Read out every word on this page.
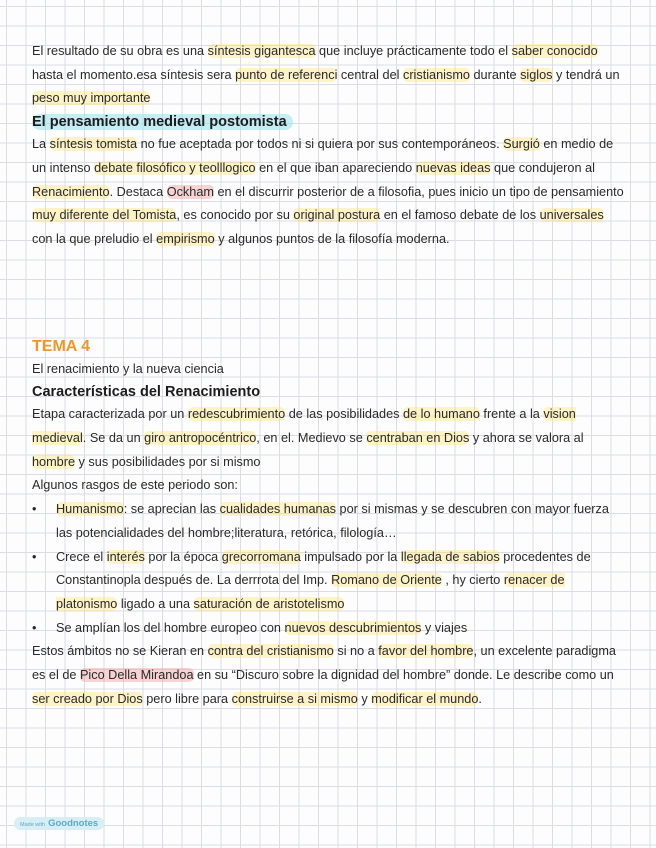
El resultado de su obra es una síntesis gigantesca que incluye prácticamente todo el saber conocido hasta el momento.esa síntesis sera punto de referenci central del cristianismo durante siglos y tendrá un peso muy importante

El pensamiento medieval postomista

La síntesis tomista no fue aceptada por todos ni si quiera por sus contemporáneos. Surgió en medio de un intenso debate filosófico y teolllogico en el que iban apareciendo nuevas ideas que condujeron al Renacimiento. Destaca Ockham en el discurrir posterior de a filosofia, pues inicio un tipo de pensamiento muy diferente del Tomista, es conocido por su original postura en el famoso debate de los universales con la que preludio el empirismo y algunos puntos de la filosofía moderna.

TEMA 4

El renacimiento y la nueva ciencia

Características del Renacimiento

Etapa caracterizada por un redescubrimiento de las posibilidades de lo humano frente a la vision medieval. Se da un giro antropocéntrico, en el. Medievo se centraban en Dios y ahora se valora al hombre y sus posibilidades por si mismo

Algunos rasgos de este periodo son:

• Humanismo: se aprecian las cualidades humanas por si mismas y se descubren con mayor fuerza las potencialidades del hombre;literatura, retórica, filología…
• Crece el interés por la época grecorromana impulsado por la llegada de sabios procedentes de Constantinopla después de. La derrrota del Imp. Romano de Oriente , hy cierto renacer de platonismo ligado a una saturación de aristotelismo
• Se amplían los del hombre europeo con nuevos descubrimientos y viajes

Estos ámbitos no se Kieran en contra del cristianismo si no a favor del hombre, un excelente paradigma es el de Pico Della Mirandoa en su “Discuro sobre la dignidad del hombre” donde. Le describe como un ser creado por Dios pero libre para construirse a si mismo y modificar el mundo.

Made with Goodnotes
